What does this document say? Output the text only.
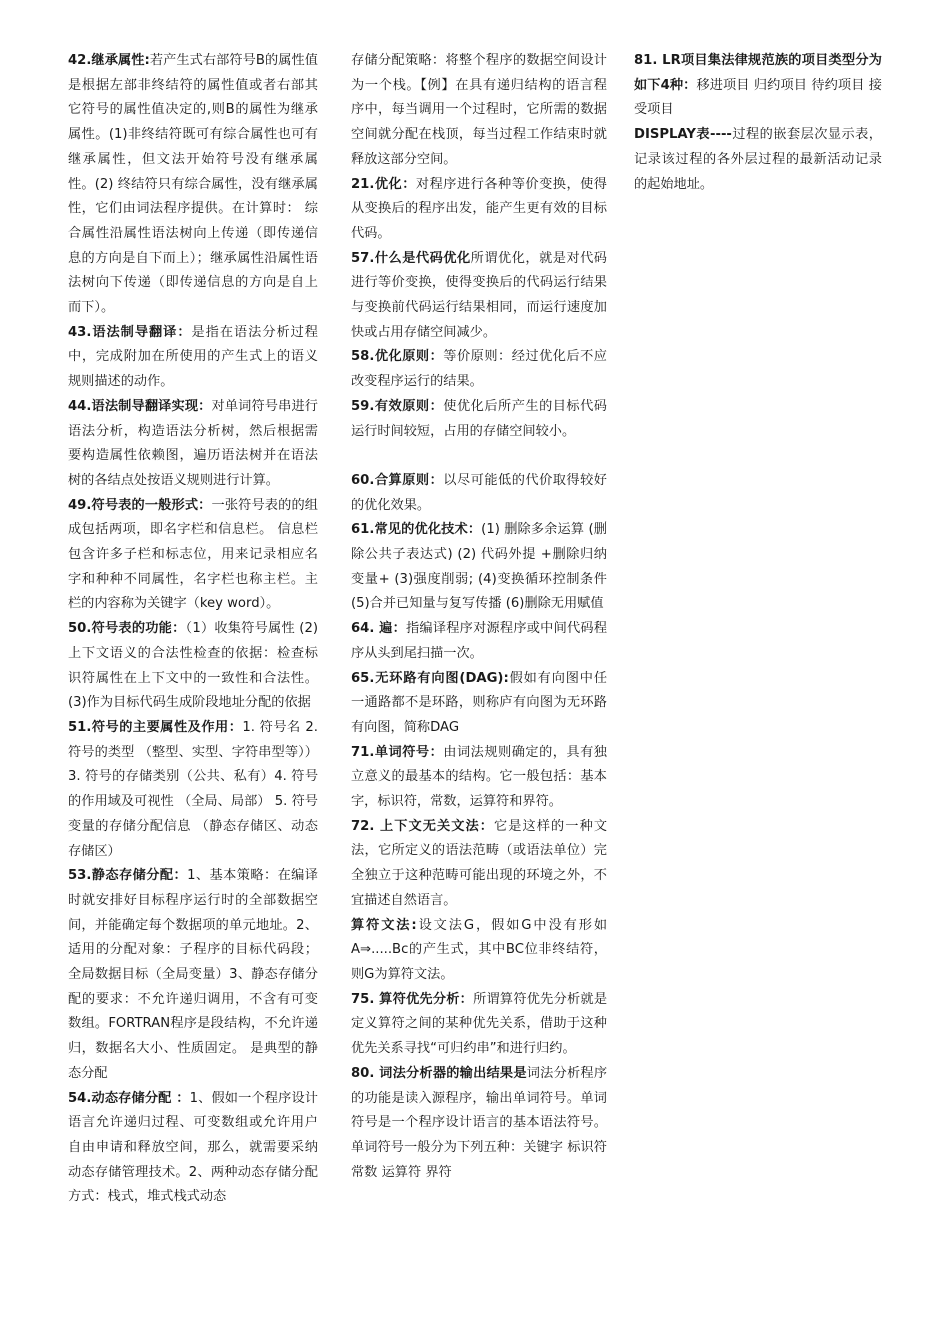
42.继承属性:若产生式右部符号B的属性值是根据左部非终结符的属性值或者右部其它符号的属性值决定的,则B的属性为继承属性。(1)非终结符既可有综合属性也可有继承属性，但文法开始符号没有继承属性。(2) 终结符只有综合属性，没有继承属性，它们由词法程序提供。在计算时： 综合属性沿属性语法树向上传递（即传递信息的方向是自下而上）；继承属性沿属性语法树向下传递（即传递信息的方向是自上而下）。

43.语法制导翻译：是指在语法分析过程中，完成附加在所使用的产生式上的语义规则描述的动作。

44.语法制导翻译实现：对单词符号串进行语法分析，构造语法分析树，然后根据需要构造属性依赖图，遍历语法树并在语法树的各结点处按语义规则进行计算。

49.符号表的一般形式：一张符号表的的组成包括两项，即名字栏和信息栏。 信息栏包含许多子栏和标志位，用来记录相应名字和种种不同属性，名字栏也称主栏。主栏的内容称为关键字（key word）。

50.符号表的功能：（1）收集符号属性 (2) 上下文语义的合法性检查的依据：检查标识符属性在上下文中的一致性和合法性。(3)作为目标代码生成阶段地址分配的依据

51.符号的主要属性及作用：1. 符号名 2. 符号的类型 （整型、实型、字符串型等））3. 符号的存储类别（公共、私有）4. 符号的作用域及可视性 （全局、局部） 5. 符号变量的存储分配信息 （静态存储区、动态存储区）

53.静态存储分配：1、基本策略：在编译时就安排好目标程序运行时的全部数据空间，并能确定每个数据项的单元地址。2、适用的分配对象：子程序的目标代码段；全局数据目标（全局变量）3、静态存储分配的要求：不允许递归调用，不含有可变数组。FORTRAN程序是段结构，不允许递归，数据名大小、性质固定。 是典型的静态分配

54.动态存储分配 ：1、假如一个程序设计语言允许递归过程、可变数组或允许用户自由申请和释放空间，那么，就需要采纳动态存储管理技术。2、两种动态存储分配方式：栈式，堆式栈式动态

存储分配策略：将整个程序的数据空间设计为一个栈。【例】在具有递归结构的语言程序中，每当调用一个过程时，它所需的数据空间就分配在栈顶，每当过程工作结束时就释放这部分空间。

21.优化：对程序进行各种等价变换，使得从变换后的程序出发，能产生更有效的目标代码。

57.什么是代码优化所谓优化，就是对代码进行等价变换，使得变换后的代码运行结果与变换前代码运行结果相同，而运行速度加快或占用存储空间减少。

58.优化原则：等价原则：经过优化后不应改变程序运行的结果。

59.有效原则：使优化后所产生的目标代码运行时间较短，占用的存储空间较小。

60.合算原则：以尽可能低的代价取得较好的优化效果。

61.常见的优化技术：(1) 删除多余运算 (删除公共子表达式) (2) 代码外提 +删除归纳变量+ (3)强度削弱; (4)变换循环控制条件 (5)合并已知量与复写传播 (6)删除无用赋值

64. 遍：指编译程序对源程序或中间代码程序从头到尾扫描一次。

65.无环路有向图(DAG):假如有向图中任一通路都不是环路，则称庐有向图为无环路有向图，简称DAG

71.单词符号：由词法规则确定的，具有独立意义的最基本的结构。它一般包括：基本字，标识符，常数，运算符和界符。

72. 上下文无关文法：它是这样的一种文法，它所定义的语法范畴（或语法单位）完全独立于这种范畴可能出现的环境之外，不宜描述自然语言。

算符文法:设文法G，假如G中没有形如A⇒.....Bc的产生式，其中BC位非终结符，则G为算符文法。

75. 算符优先分析：所谓算符优先分析就是定义算符之间的某种优先关系，借助于这种优先关系寻找“可归约串”和进行归约。

80. 词法分析器的输出结果是词法分析程序的功能是读入源程序，输出单词符号。单词符号是一个程序设计语言的基本语法符号。单词符号一般分为下列五种：关键字 标识符 常数 运算符 界符

81. LR项目集法律规范族的项目类型分为如下4种：移进项目 归约项目 待约项目 接受项目

DISPLAY表----过程的嵌套层次显示表，记录该过程的各外层过程的最新活动记录的起始地址。
